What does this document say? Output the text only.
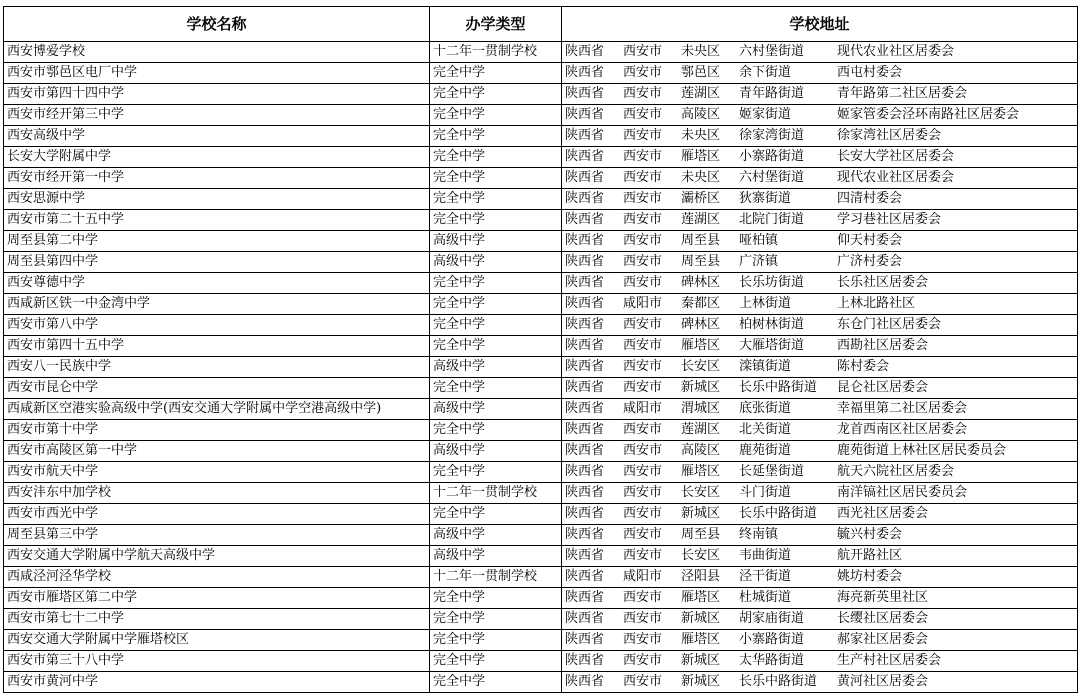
学校名称	办学类型	学校地址
西安博爱学校	十二年一贯制学校	陕西省 西安市 未央区 六村堡街道 现代农业社区居委会
西安市鄠邑区电厂中学	完全中学	陕西省 西安市 鄠邑区 余下街道 西屯村委会
西安市第四十四中学	完全中学	陕西省 西安市 莲湖区 青年路街道 青年路第二社区居委会
西安市经开第三中学	完全中学	陕西省 西安市 高陵区 姬家街道 姬家管委会泾环南路社区居委会
西安高级中学	完全中学	陕西省 西安市 未央区 徐家湾街道 徐家湾社区居委会
长安大学附属中学	完全中学	陕西省 西安市 雁塔区 小寨路街道 长安大学社区居委会
西安市经开第一中学	完全中学	陕西省 西安市 未央区 六村堡街道 现代农业社区居委会
西安思源中学	完全中学	陕西省 西安市 灞桥区 狄寨街道 四清村委会
西安市第二十五中学	完全中学	陕西省 西安市 莲湖区 北院门街道 学习巷社区居委会
周至县第二中学	高级中学	陕西省 西安市 周至县 哑柏镇 仰天村委会
周至县第四中学	高级中学	陕西省 西安市 周至县 广济镇 广济村委会
西安尊德中学	完全中学	陕西省 西安市 碑林区 长乐坊街道 长乐社区居委会
西咸新区铁一中金湾中学	完全中学	陕西省 咸阳市 秦都区 上林街道 上林北路社区
西安市第八中学	完全中学	陕西省 西安市 碑林区 柏树林街道 东仓门社区居委会
西安市第四十五中学	完全中学	陕西省 西安市 雁塔区 大雁塔街道 西勘社区居委会
西安八一民族中学	高级中学	陕西省 西安市 长安区 滦镇街道 陈村委会
西安市昆仑中学	完全中学	陕西省 西安市 新城区 长乐中路街道 昆仑社区居委会
西咸新区空港实验高级中学(西安交通大学附属中学空港高级中学)	高级中学	陕西省 咸阳市 渭城区 底张街道 幸福里第二社区居委会
西安市第十中学	完全中学	陕西省 西安市 莲湖区 北关街道 龙首西南区社区居委会
西安市高陵区第一中学	高级中学	陕西省 西安市 高陵区 鹿苑街道 鹿苑街道上林社区居民委员会
西安市航天中学	完全中学	陕西省 西安市 雁塔区 长延堡街道 航天六院社区居委会
西安沣东中加学校	十二年一贯制学校	陕西省 西安市 长安区 斗门街道 南洋镐社区居民委员会
西安市西光中学	完全中学	陕西省 西安市 新城区 长乐中路街道 西光社区居委会
周至县第三中学	高级中学	陕西省 西安市 周至县 终南镇 毓兴村委会
西安交通大学附属中学航天高级中学	高级中学	陕西省 西安市 长安区 韦曲街道 航开路社区
西咸泾河泾华学校	十二年一贯制学校	陕西省 咸阳市 泾阳县 泾干街道 姚坊村委会
西安市雁塔区第二中学	完全中学	陕西省 西安市 雁塔区 杜城街道 海亮新英里社区
西安市第七十二中学	完全中学	陕西省 西安市 新城区 胡家庙街道 长缨社区居委会
西安交通大学附属中学雁塔校区	完全中学	陕西省 西安市 雁塔区 小寨路街道 郝家社区居委会
西安市第三十八中学	完全中学	陕西省 西安市 新城区 太华路街道 生产村社区居委会
西安市黄河中学	完全中学	陕西省 西安市 新城区 长乐中路街道 黄河社区居委会
